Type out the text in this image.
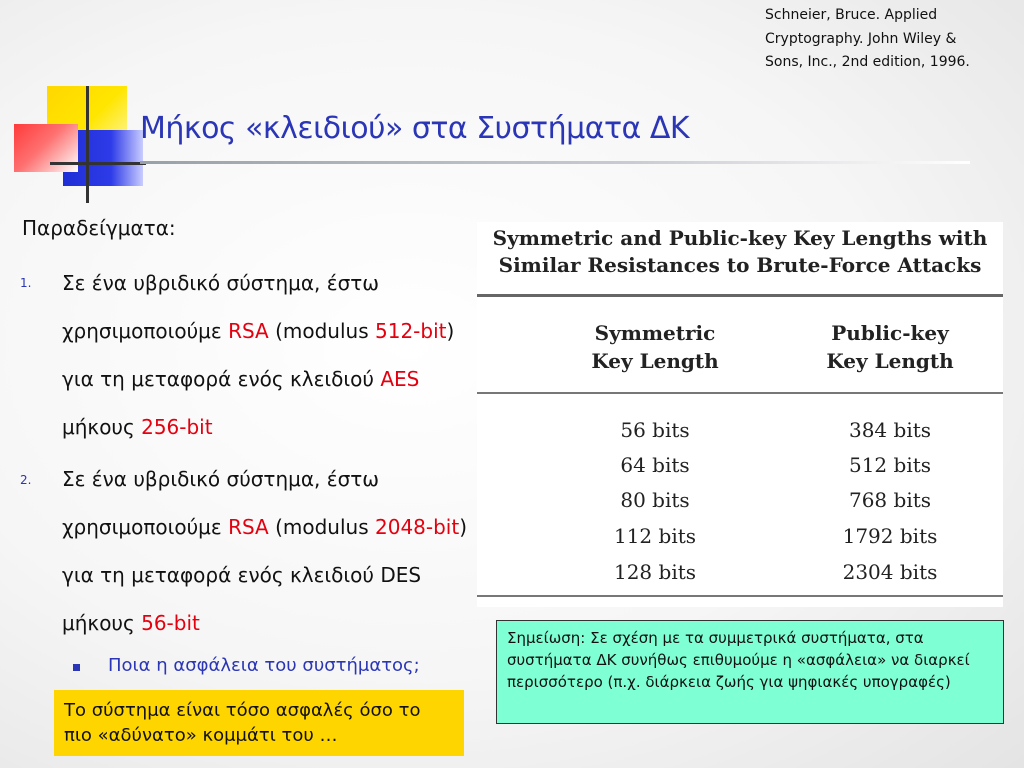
Schneier, Bruce. Applied
Cryptography. John Wiley &
Sons, Inc., 2nd edition, 1996.
Μήκος «κλειδιού» στα Συστήματα ΔΚ
Παραδείγματα:
1. Σε ένα υβριδικό σύστημα, έστω χρησιμοποιούμε RSA (modulus 512-bit) για τη μεταφορά ενός κλειδιού AES μήκους 256-bit
2. Σε ένα υβριδικό σύστημα, έστω χρησιμοποιούμε RSA (modulus 2048-bit) για τη μεταφορά ενός κλειδιού DES μήκους 56-bit
Ποια η ασφάλεια του συστήματος;
Το σύστημα είναι τόσο ασφαλές όσο το πιο «αδύνατο» κομμάτι του …
Symmetric and Public-key Key Lengths with
Similar Resistances to Brute-Force Attacks
Symmetric
Key Length
Public-key
Key Length
56 bits	384 bits
64 bits	512 bits
80 bits	768 bits
112 bits	1792 bits
128 bits	2304 bits
Σημείωση: Σε σχέση με τα συμμετρικά συστήματα, στα συστήματα ΔΚ συνήθως επιθυμούμε η «ασφάλεια» να διαρκεί περισσότερο (π.χ. διάρκεια ζωής για ψηφιακές υπογραφές)
